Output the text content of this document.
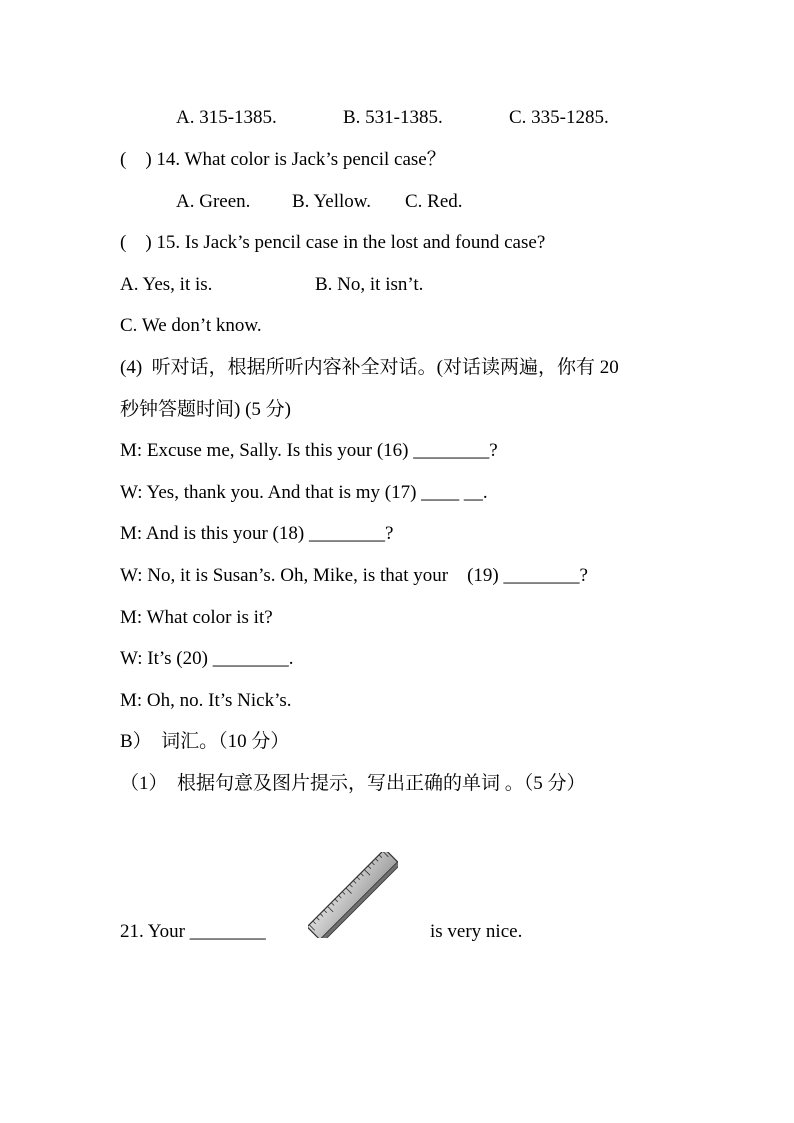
A. 315-1385.	B. 531-1385.	C. 335-1285.
(    ) 14. What color is Jack’s pencil case？
A. Green. B. Yellow. C. Red.
(    ) 15. Is Jack’s pencil case in the lost and found case?
A. Yes, it is.	B. No, it isn’t.
C. We don’t know.
(4)  听对话，根据所听内容补全对话。(对话读两遍，你有 20
秒钟答题时间) (5 分)
M: Excuse me, Sally. Is this your (16) ________?
W: Yes, thank you. And that is my (17) ____ __.
M: And is this your (18) ________?
W: No, it is Susan’s. Oh, Mike, is that your    (19) ________?
M: What color is it?
W: It’s (20) ________.
M: Oh, no. It’s Nick’s.
B）  词汇。（10 分）
（1）  根据句意及图片提示，写出正确的单词 。（5 分）
21. Your ________	is very nice.
